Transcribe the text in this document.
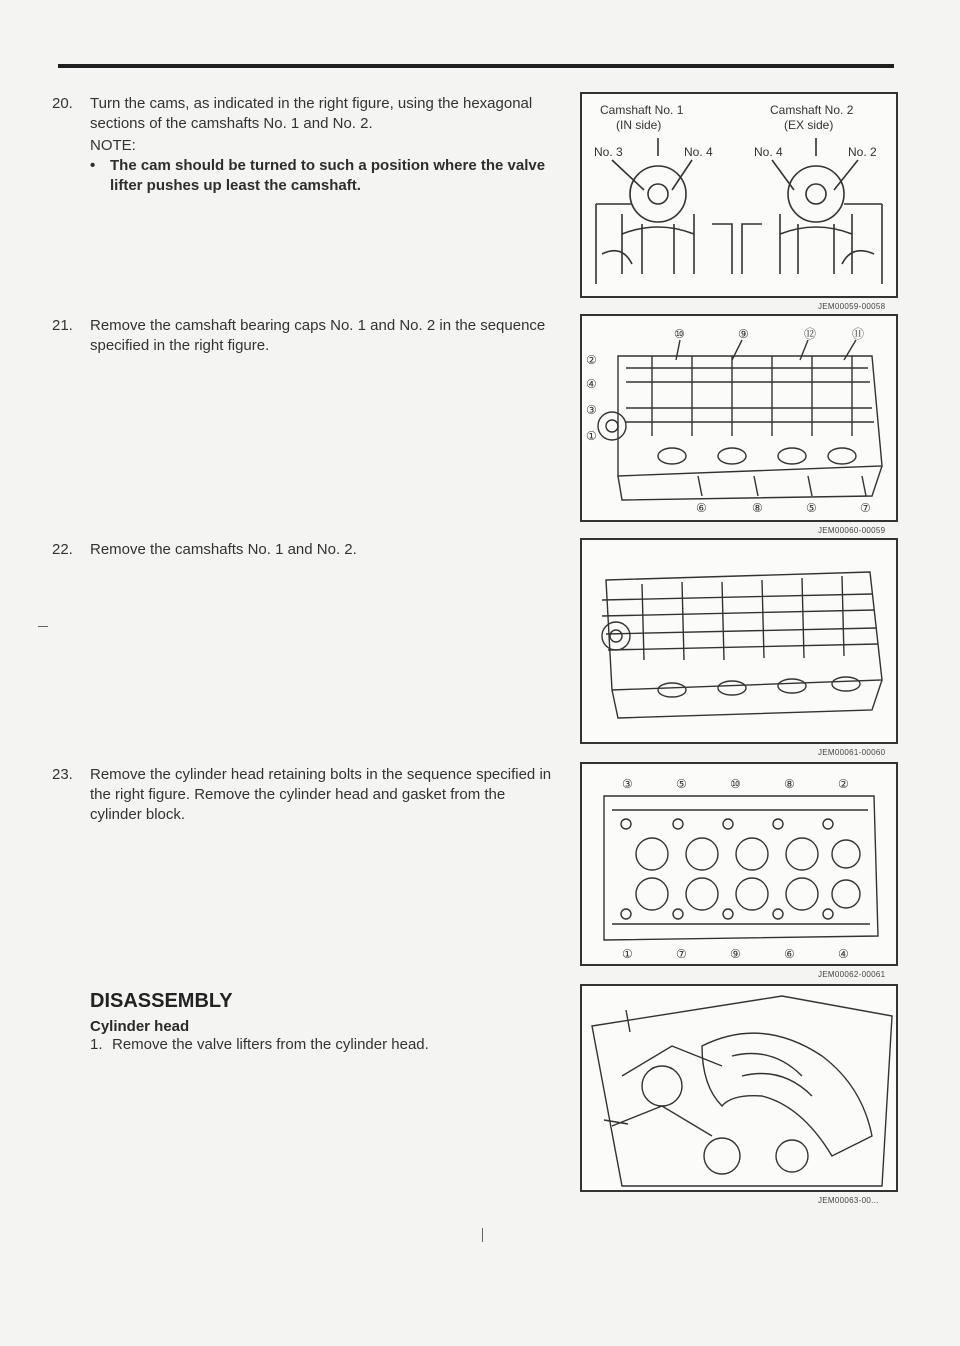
20.	Turn the cams, as indicated in the right figure, using the hexagonal sections of the camshafts No. 1 and No. 2.
NOTE:
• The cam should be turned to such a position where the valve lifter pushes up least the camshaft.
21.	Remove the camshaft bearing caps No. 1 and No. 2 in the sequence specified in the right figure.
22.	Remove the camshafts No. 1 and No. 2.
23.	Remove the cylinder head retaining bolts in the sequence specified in the right figure. Remove the cylinder head and gasket from the cylinder block.
DISASSEMBLY
Cylinder head
1. Remove the valve lifters from the cylinder head.
Camshaft No. 1
(IN side)
Camshaft No. 2
(EX side)
No. 3	No. 4	No. 4	No. 2
JEM00059-00058
⑩	⑨	⑫	⑪
②
④
③
①
⑥	⑧	⑤	⑦
JEM00060-00059
JEM00061-00060
③	⑤	⑩	⑧	②
①	⑦	⑨	⑥	④
JEM00062-00061
JEM00063-00...
